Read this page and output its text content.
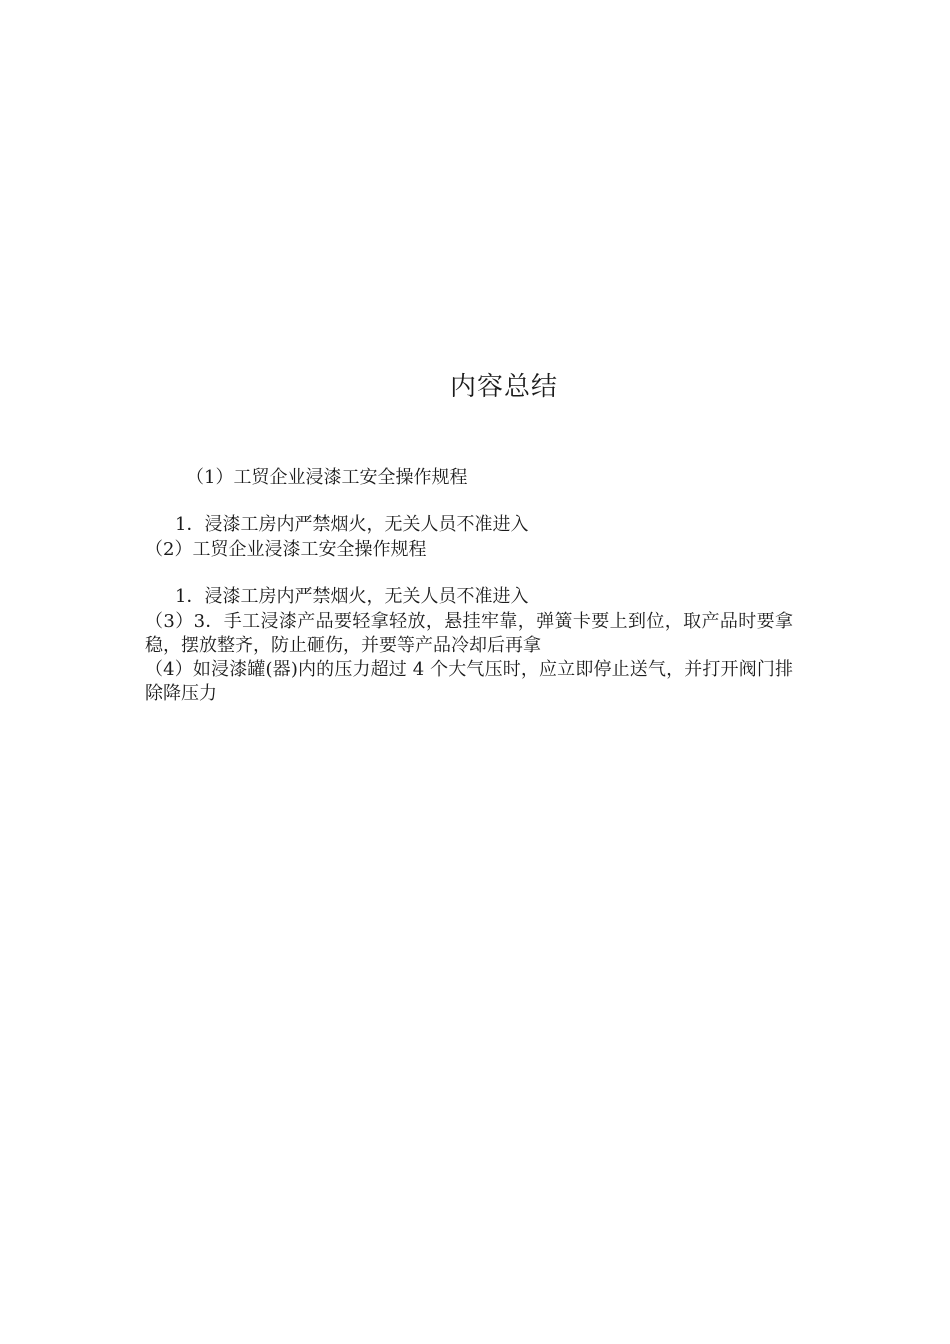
内容总结
（1）工贸企业浸漆工安全操作规程
1．浸漆工房内严禁烟火，无关人员不准进入
（2）工贸企业浸漆工安全操作规程
1．浸漆工房内严禁烟火，无关人员不准进入
（3）3．手工浸漆产品要轻拿轻放，悬挂牢靠，弹簧卡要上到位，取产品时要拿稳，摆放整齐，防止砸伤，并要等产品冷却后再拿
（4）如浸漆罐(器)内的压力超过 4 个大气压时，应立即停止送气，并打开阀门排除降压力
